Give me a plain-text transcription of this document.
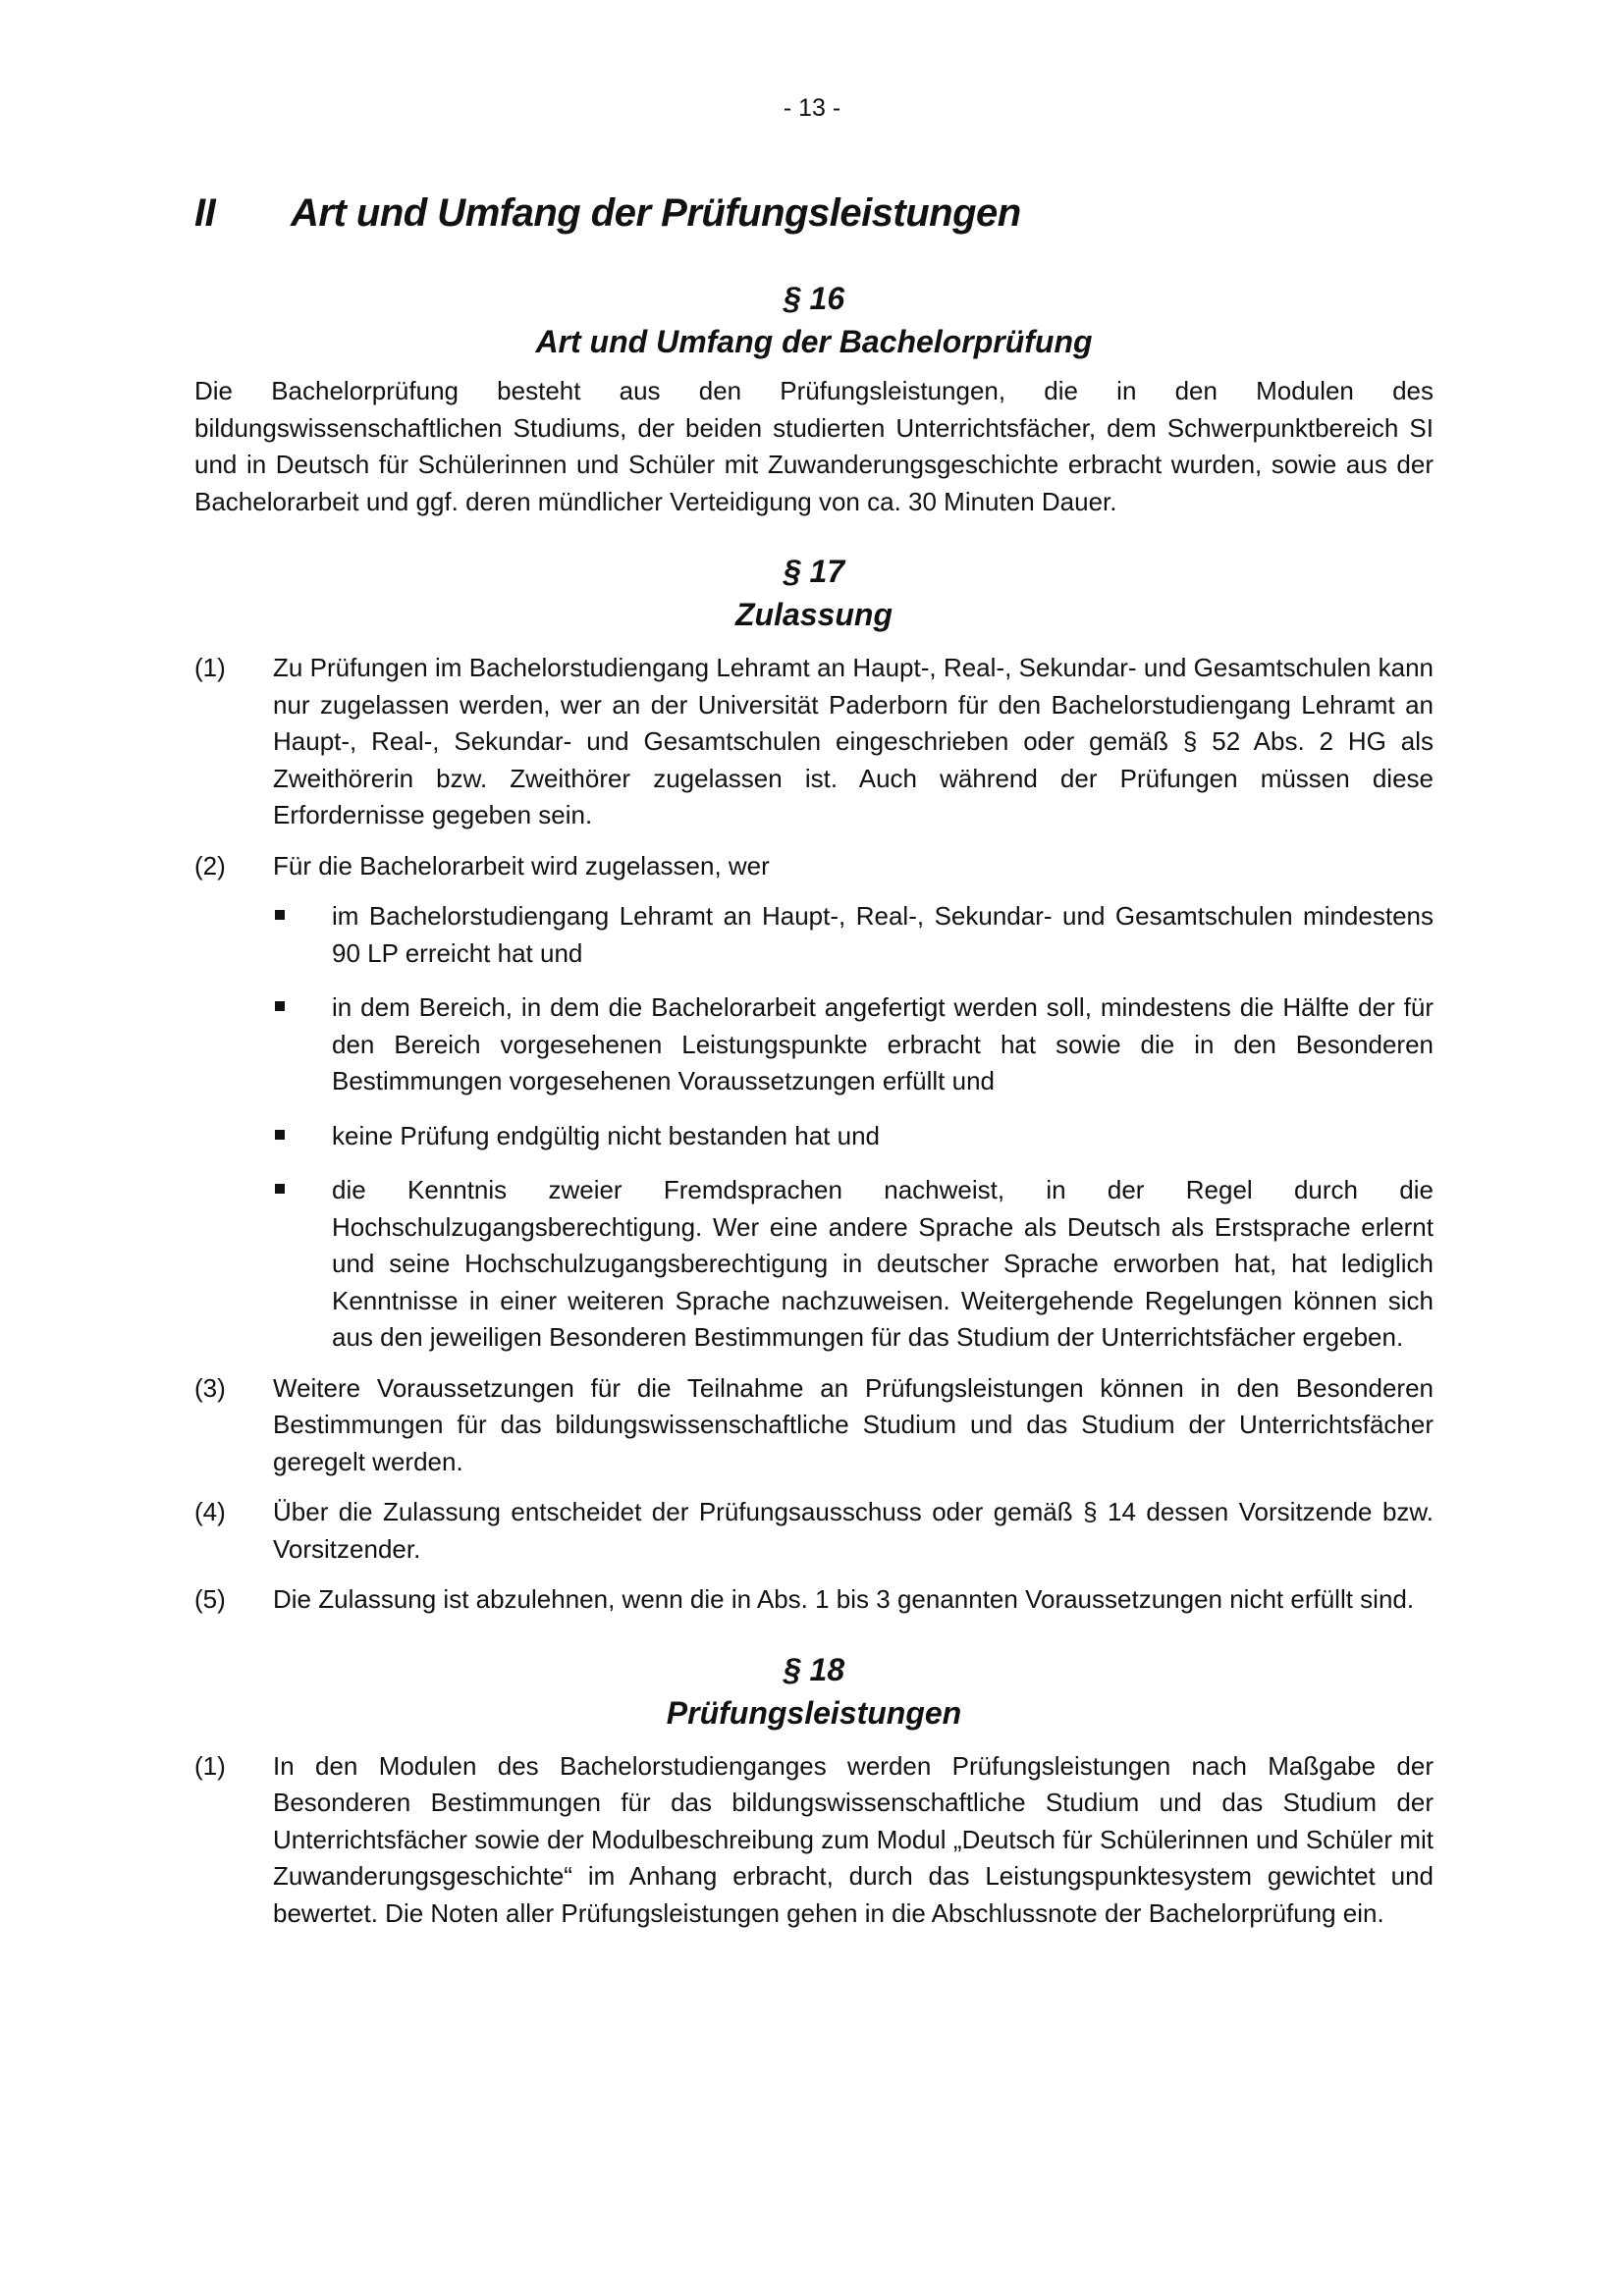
- 13 -
II Art und Umfang der Prüfungsleistungen

§ 16

Art und Umfang der Bachelorprüfung

Die Bachelorprüfung besteht aus den Prüfungsleistungen, die in den Modulen des bildungswissenschaftlichen Studiums, der beiden studierten Unterrichtsfächer, dem Schwerpunktbereich SI und in Deutsch für Schülerinnen und Schüler mit Zuwanderungsgeschichte erbracht wurden, sowie aus der Bachelorarbeit und ggf. deren mündlicher Verteidigung von ca. 30 Minuten Dauer.

§ 17

Zulassung

(1) Zu Prüfungen im Bachelorstudiengang Lehramt an Haupt-, Real-, Sekundar- und Gesamtschulen kann nur zugelassen werden, wer an der Universität Paderborn für den Bachelorstudiengang Lehramt an Haupt-, Real-, Sekundar- und Gesamtschulen eingeschrieben oder gemäß § 52 Abs. 2 HG als Zweithörerin bzw. Zweithörer zugelassen ist. Auch während der Prüfungen müssen diese Erfordernisse gegeben sein.
(2) Für die Bachelorarbeit wird zugelassen, wer
im Bachelorstudiengang Lehramt an Haupt-, Real-, Sekundar- und Gesamtschulen mindestens 90 LP erreicht hat und
in dem Bereich, in dem die Bachelorarbeit angefertigt werden soll, mindestens die Hälfte der für den Bereich vorgesehenen Leistungspunkte erbracht hat sowie die in den Besonderen Bestimmungen vorgesehenen Voraussetzungen erfüllt und
keine Prüfung endgültig nicht bestanden hat und
die Kenntnis zweier Fremdsprachen nachweist, in der Regel durch die Hochschulzugangsberechtigung. Wer eine andere Sprache als Deutsch als Erstsprache erlernt und seine Hochschulzugangsberechtigung in deutscher Sprache erworben hat, hat lediglich Kenntnisse in einer weiteren Sprache nachzuweisen. Weitergehende Regelungen können sich aus den jeweiligen Besonderen Bestimmungen für das Studium der Unterrichtsfächer ergeben.
(3) Weitere Voraussetzungen für die Teilnahme an Prüfungsleistungen können in den Besonderen Bestimmungen für das bildungswissenschaftliche Studium und das Studium der Unterrichtsfächer geregelt werden.
(4) Über die Zulassung entscheidet der Prüfungsausschuss oder gemäß § 14 dessen Vorsitzende bzw. Vorsitzender.
(5) Die Zulassung ist abzulehnen, wenn die in Abs. 1 bis 3 genannten Voraussetzungen nicht erfüllt sind.

§ 18

Prüfungsleistungen

(1) In den Modulen des Bachelorstudienganges werden Prüfungsleistungen nach Maßgabe der Besonderen Bestimmungen für das bildungswissenschaftliche Studium und das Studium der Unterrichtsfächer sowie der Modulbeschreibung zum Modul „Deutsch für Schülerinnen und Schüler mit Zuwanderungsgeschichte“ im Anhang erbracht, durch das Leistungspunktesystem gewichtet und bewertet. Die Noten aller Prüfungsleistungen gehen in die Abschlussnote der Bachelorprüfung ein.
